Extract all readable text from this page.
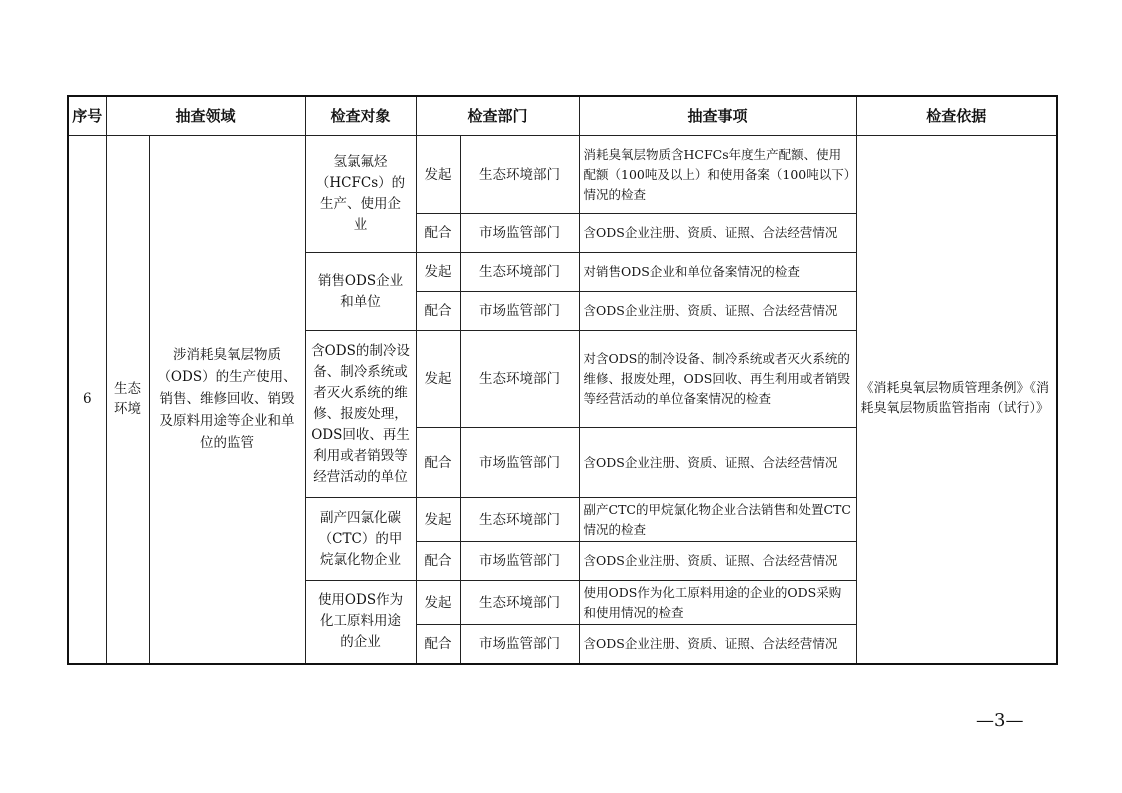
序号	抽查领域		检查对象	检查部门		抽查事项	检查依据
6	生态环境	涉消耗臭氧层物质（ODS）的生产使用、销售、维修回收、销毁及原料用途等企业和单位的监管	氢氯氟烃（HCFCs）的生产、使用企业	发起	生态环境部门	消耗臭氧层物质含HCFCs年度生产配额、使用配额（100吨及以上）和使用备案（100吨以下）情况的检查	《消耗臭氧层物质管理条例》《消耗臭氧层物质监管指南（试行）》
				配合	市场监管部门	含ODS企业注册、资质、证照、合法经营情况	
			销售ODS企业和单位	发起	生态环境部门	对销售ODS企业和单位备案情况的检查	
				配合	市场监管部门	含ODS企业注册、资质、证照、合法经营情况	
			含ODS的制冷设备、制冷系统或者灭火系统的维修、报废处理，ODS回收、再生利用或者销毁等经营活动的单位	发起	生态环境部门	对含ODS的制冷设备、制冷系统或者灭火系统的维修、报废处理，ODS回收、再生利用或者销毁等经营活动的单位备案情况的检查	
				配合	市场监管部门	含ODS企业注册、资质、证照、合法经营情况	
			副产四氯化碳（CTC）的甲烷氯化物企业	发起	生态环境部门	副产CTC的甲烷氯化物企业合法销售和处置CTC情况的检查	
				配合	市场监管部门	含ODS企业注册、资质、证照、合法经营情况	
			使用ODS作为化工原料用途的企业	发起	生态环境部门	使用ODS作为化工原料用途的企业的ODS采购和使用情况的检查	
				配合	市场监管部门	含ODS企业注册、资质、证照、合法经营情况	
—3—
